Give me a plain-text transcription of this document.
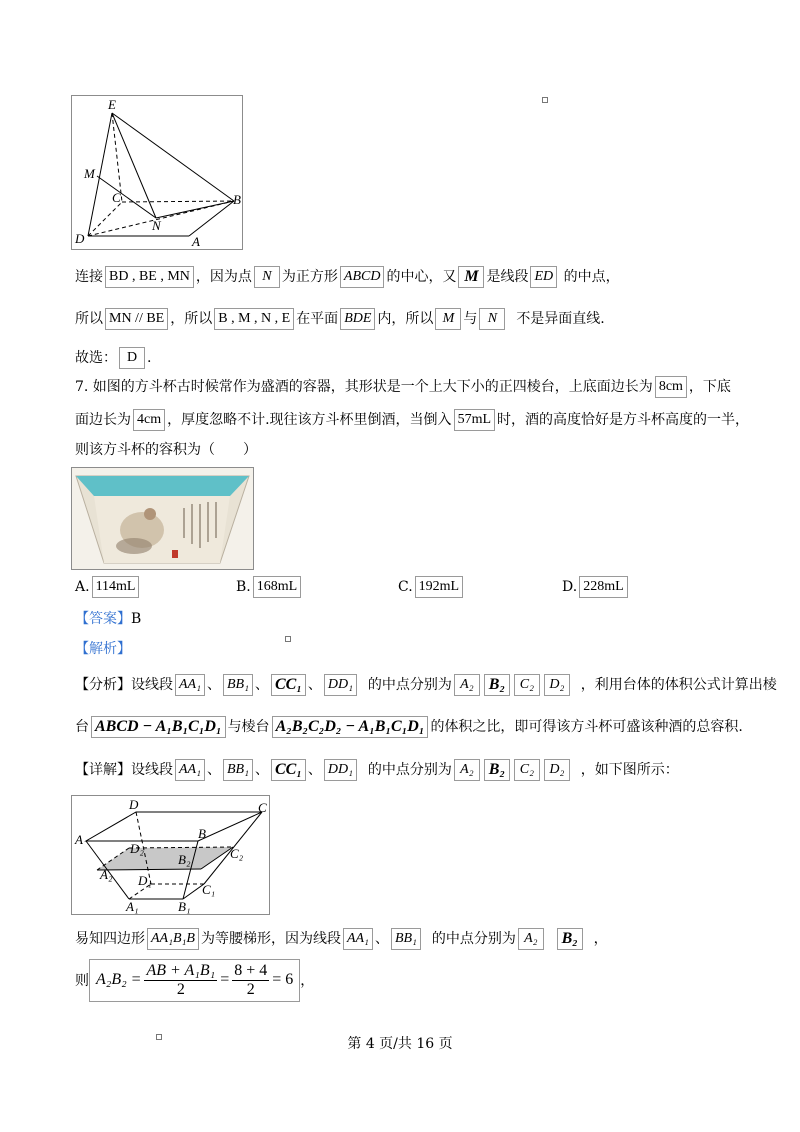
E
M
C	B
N
D	A
连接 BD , BE , MN ，因为点 N 为正方形 ABCD 的中心，又 M 是线段 ED 的中点，
所以 MN // BE ，所以 B , M , N , E 在平面 BDE 内，所以 M 与 N 不是异面直线.
故选： D .
7. 如图的方斗杯古时候常作为盛酒的容器，其形状是一个上大下小的正四棱台，上底面边长为 8cm ，下底
面边长为 4cm ，厚度忽略不计.现往该方斗杯里倒酒，当倒入 57mL 时，酒的高度恰好是方斗杯高度的一半，
则该方斗杯的容积为（　　）
A. 114mL	B. 168mL	C. 192mL	D. 228mL
【答案】B
【解析】
【分析】设线段 AA₁ 、 BB₁ 、 CC₁ 、 DD₁ 的中点分别为 A₂ B₂ C₂ D₂ ，利用台体的体积公式计算出棱
台 ABCD − A₁B₁C₁D₁ 与棱台 A₂B₂C₂D₂ − A₁B₁C₁D₁ 的体积之比，即可得该方斗杯可盛该种酒的总容积.
【详解】设线段 AA₁ 、 BB₁ 、 CC₁ 、 DD₁ 的中点分别为 A₂ B₂ C₂ D₂ ，如下图所示：
D	C
A	B
D₂	C₂
B₂
A₂ D₁
C₁
A₁	B₁
易知四边形 AA₁B₁B 为等腰梯形，因为线段 AA₁ 、 BB₁ 的中点分别为 A₂ B₂ ，
则 $A_2B_2 = \frac{\text{AB + A₁B₁}}{2} = \frac{8 + 4}{2} = 6$ ，
第 4 页/共 16 页
